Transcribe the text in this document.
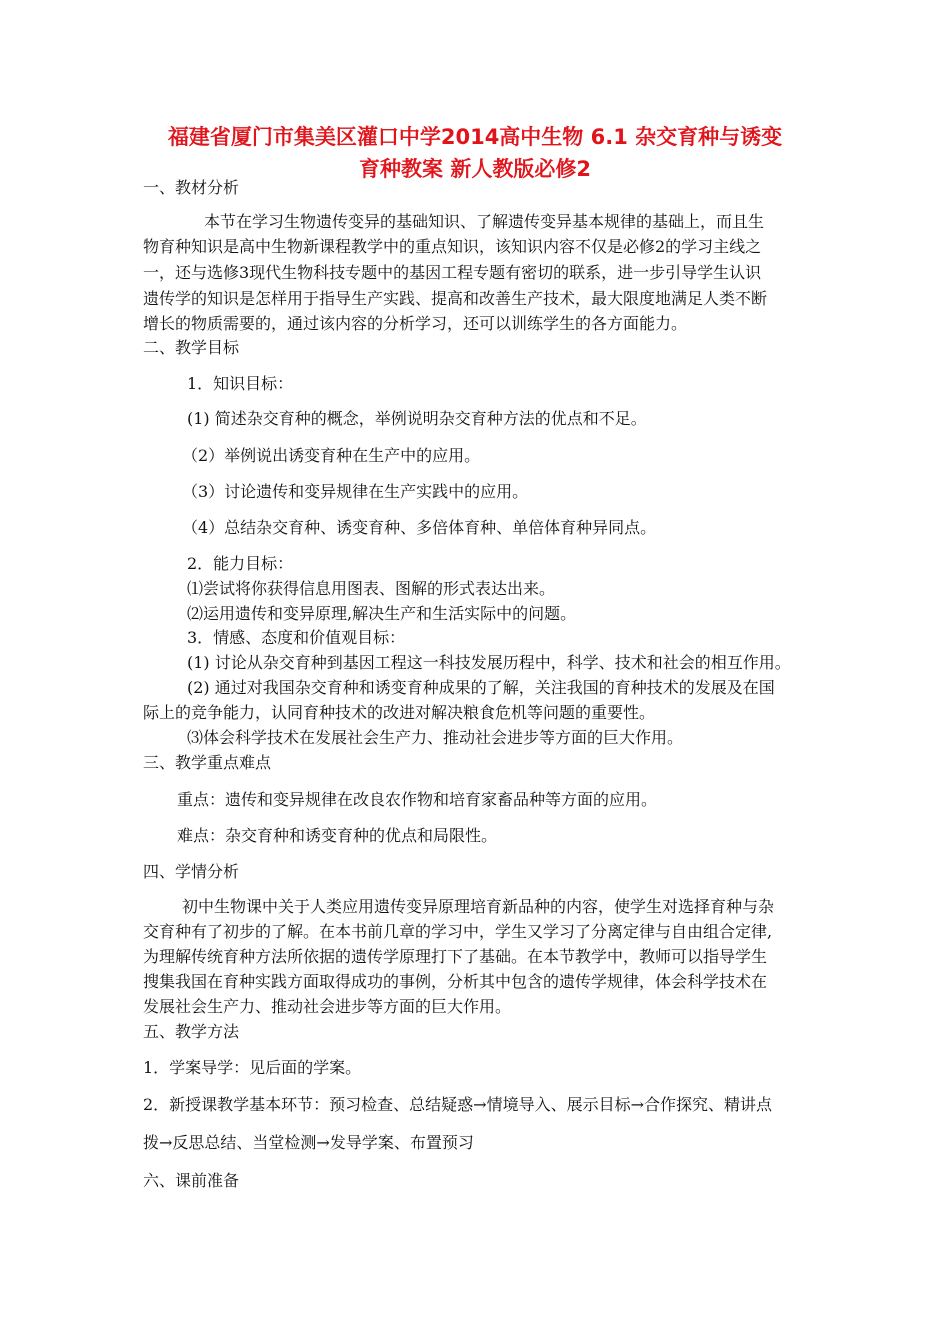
福建省厦门市集美区灌口中学2014高中生物 6.1 杂交育种与诱变
育种教案 新人教版必修2
一、教材分析
本节在学习生物遗传变异的基础知识、了解遗传变异基本规律的基础上，而且生
物育种知识是高中生物新课程教学中的重点知识，该知识内容不仅是必修2的学习主线之
一，还与选修3现代生物科技专题中的基因工程专题有密切的联系，进一步引导学生认识
遗传学的知识是怎样用于指导生产实践、提高和改善生产技术，最大限度地满足人类不断
增长的物质需要的，通过该内容的分析学习，还可以训练学生的各方面能力。
二、教学目标
1．知识目标：
(1) 简述杂交育种的概念，举例说明杂交育种方法的优点和不足。
（2）举例说出诱变育种在生产中的应用。
（3）讨论遗传和变异规律在生产实践中的应用。
（4）总结杂交育种、诱变育种、多倍体育种、单倍体育种异同点。
2．能力目标：
⑴尝试将你获得信息用图表、图解的形式表达出来。
⑵运用遗传和变异原理,解决生产和生活实际中的问题。
3．情感、态度和价值观目标：
(1) 讨论从杂交育种到基因工程这一科技发展历程中，科学、技术和社会的相互作用。
(2) 通过对我国杂交育种和诱变育种成果的了解，关注我国的育种技术的发展及在国
际上的竞争能力，认同育种技术的改进对解决粮食危机等问题的重要性。
⑶体会科学技术在发展社会生产力、推动社会进步等方面的巨大作用。
三、教学重点难点
重点：遗传和变异规律在改良农作物和培育家畜品种等方面的应用。
难点：杂交育种和诱变育种的优点和局限性。
四、学情分析
初中生物课中关于人类应用遗传变异原理培育新品种的内容，使学生对选择育种与杂
交育种有了初步的了解。在本书前几章的学习中，学生又学习了分离定律与自由组合定律,
为理解传统育种方法所依据的遗传学原理打下了基础。在本节教学中，教师可以指导学生
搜集我国在育种实践方面取得成功的事例，分析其中包含的遗传学规律，体会科学技术在
发展社会生产力、推动社会进步等方面的巨大作用。
五、教学方法
1．学案导学：见后面的学案。
2．新授课教学基本环节：预习检查、总结疑惑→情境导入、展示目标→合作探究、精讲点
拨→反思总结、当堂检测→发导学案、布置预习
六、课前准备
